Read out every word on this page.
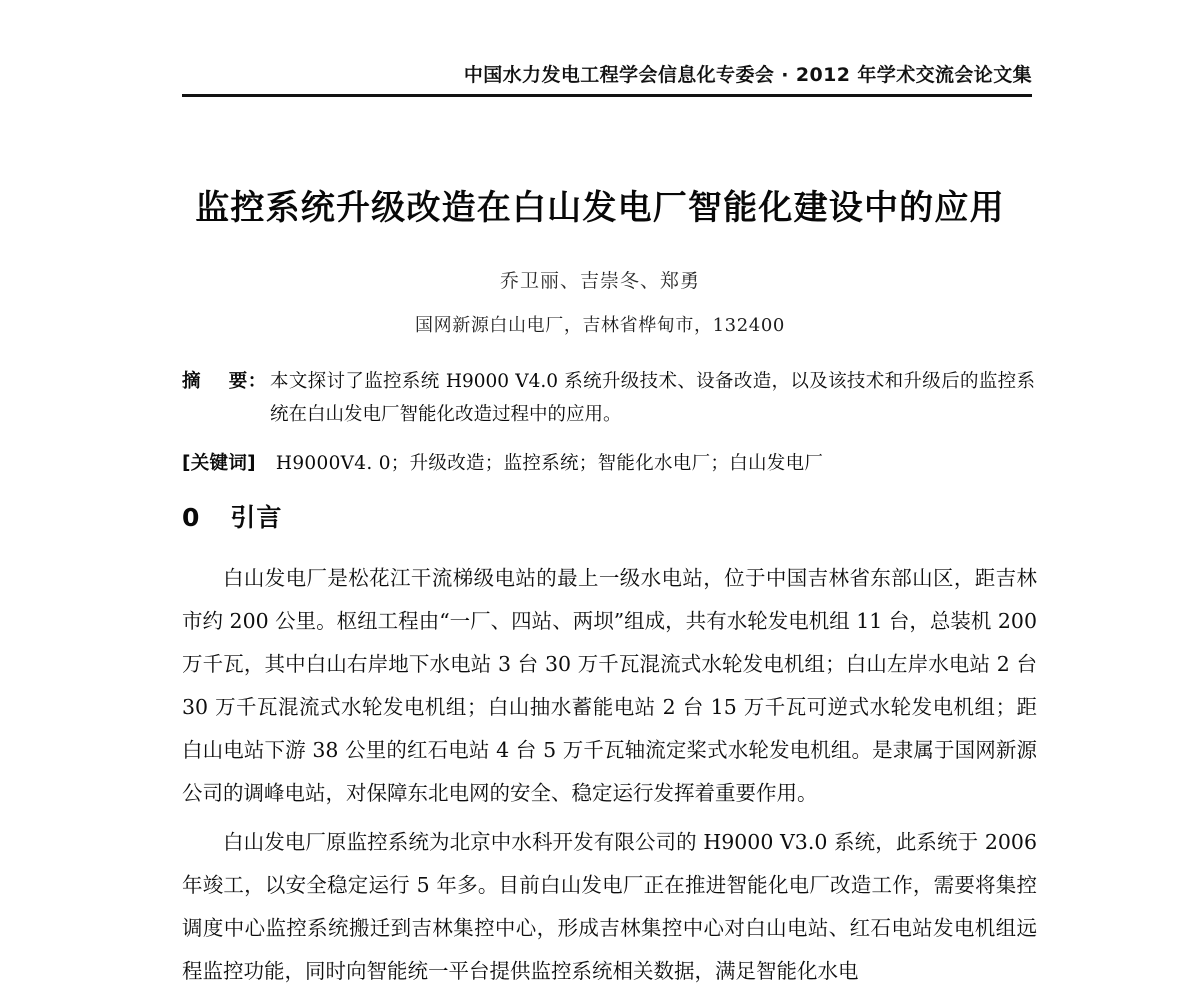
中国水力发电工程学会信息化专委会 · 2012 年学术交流会论文集
监控系统升级改造在白山发电厂智能化建设中的应用
乔卫丽、吉崇冬、郑勇
国网新源白山电厂，吉林省桦甸市，132400
摘    要： 本文探讨了监控系统 H9000 V4.0 系统升级技术、设备改造，以及该技术和升级后的监控系统在白山发电厂智能化改造过程中的应用。
[关键词] H9000V4. 0；升级改造；监控系统；智能化水电厂；白山发电厂
0 引言

白山发电厂是松花江干流梯级电站的最上一级水电站，位于中国吉林省东部山区，距吉林市约 200 公里。枢纽工程由“一厂、四站、两坝”组成，共有水轮发电机组 11 台，总装机 200 万千瓦，其中白山右岸地下水电站 3 台 30 万千瓦混流式水轮发电机组；白山左岸水电站 2 台 30 万千瓦混流式水轮发电机组；白山抽水蓄能电站 2 台 15 万千瓦可逆式水轮发电机组；距白山电站下游 38 公里的红石电站 4 台 5 万千瓦轴流定桨式水轮发电机组。是隶属于国网新源公司的调峰电站，对保障东北电网的安全、稳定运行发挥着重要作用。

白山发电厂原监控系统为北京中水科开发有限公司的 H9000 V3.0 系统，此系统于 2006 年竣工，以安全稳定运行 5 年多。目前白山发电厂正在推进智能化电厂改造工作，需要将集控调度中心监控系统搬迁到吉林集控中心，形成吉林集控中心对白山电站、红石电站发电机组远程监控功能，同时向智能统一平台提供监控系统相关数据，满足智能化水电
